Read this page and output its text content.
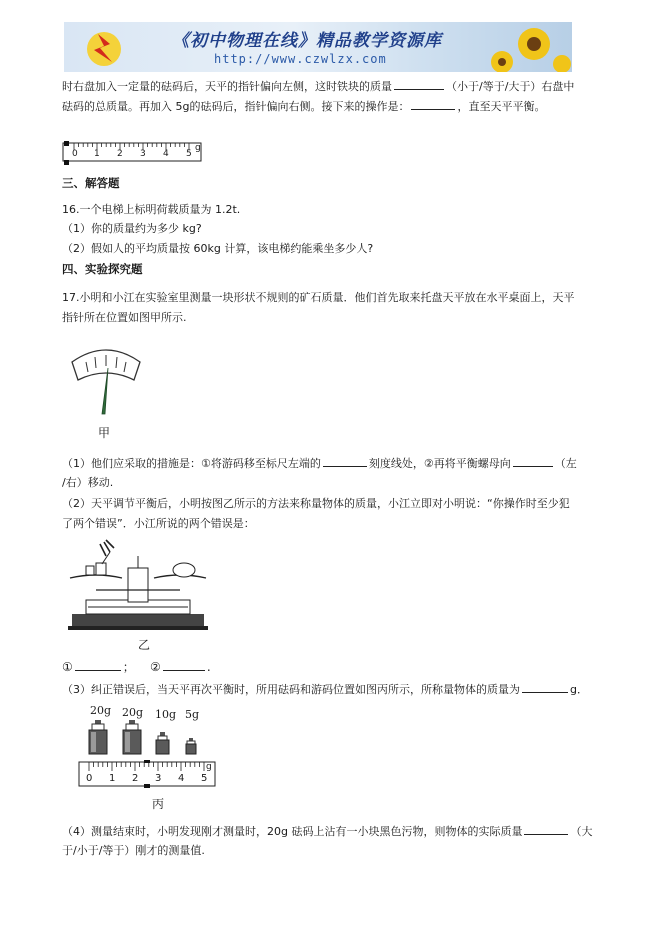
《初中物理在线》精品教学资源库
http://www.czwlzx.com
时右盘加入一定量的砝码后，天平的指针偏向左侧，这时铁块的质量	（小于/等于/大于）右盘中
砝码的总质量。再加入 5g的砝码后，指针偏向右侧。接下来的操作是：	，直至天平平衡。
0 1 2 3 4 5
g
三、解答题
16.一个电梯上标明荷载质量为 1.2t.
（1）你的质量约为多少 kg?
（2）假如人的平均质量按 60kg 计算，该电梯约能乘坐多少人?
四、实验探究题
17.小明和小江在实验室里测量一块形状不规则的矿石质量．他们首先取来托盘天平放在水平桌面上，天平
指针所在位置如图甲所示.
甲
（1）他们应采取的措施是：①将游码移至标尺左端的	刻度线处，②再将平衡螺母向	（左
/右）移动.
（2）天平调节平衡后，小明按图乙所示的方法来称量物体的质量，小江立即对小明说：“你操作时至少犯
了两个错误”．小江所说的两个错误是：
乙
①	； ②	.
（3）纠正错误后，当天平再次平衡时，所用砝码和游码位置如图丙所示，所称量物体的质量为	g．
20g 20g 10g 5g
0 1 2 3 4 5
g
丙
（4）测量结束时，小明发现刚才测量时，20g 砝码上沾有一小块黑色污物，则物体的实际质量	（大
于/小于/等于）刚才的测量值.
